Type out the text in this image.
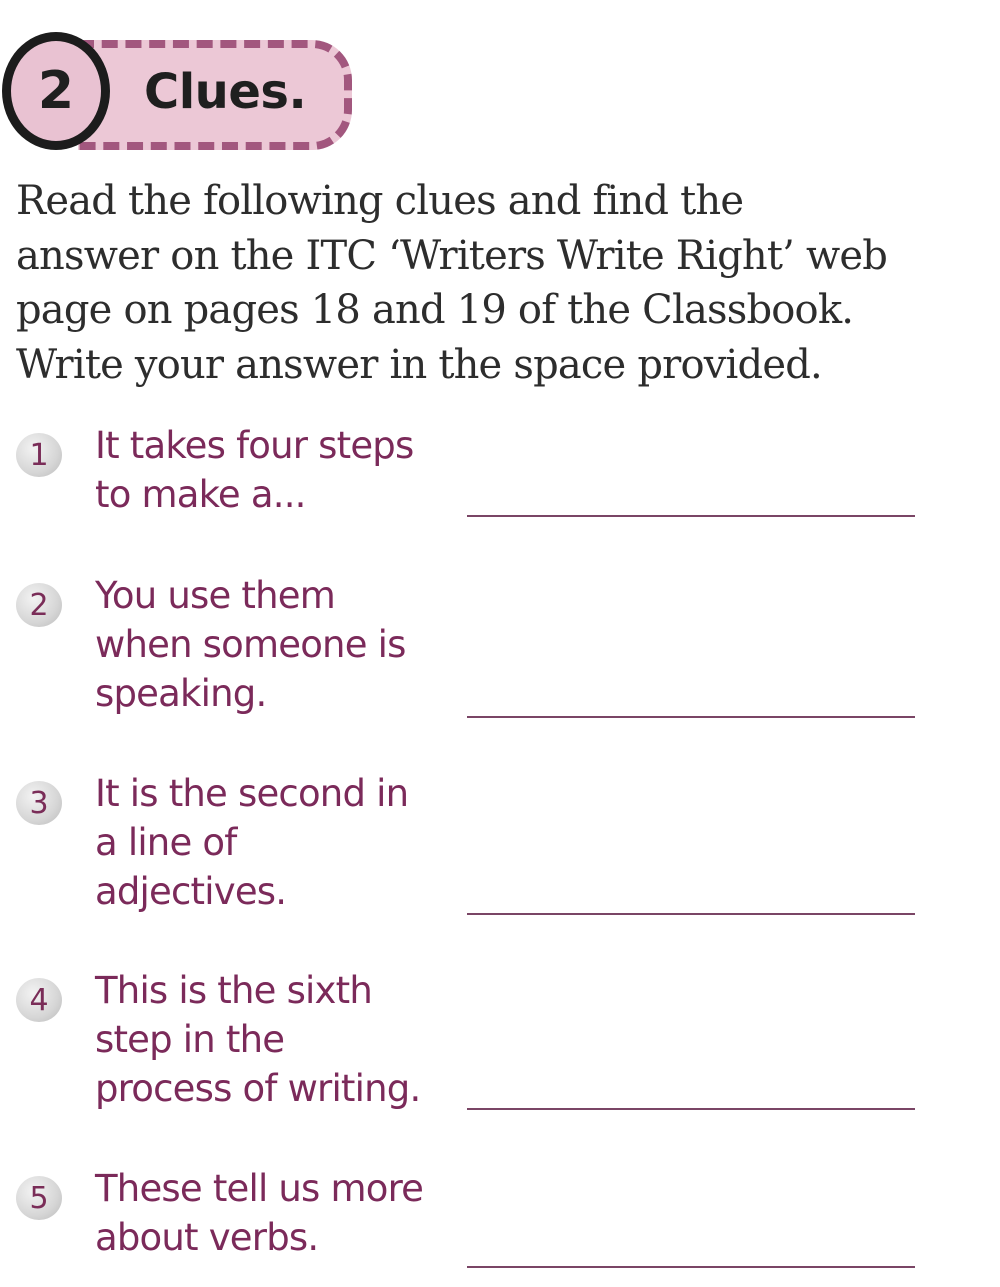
2	Clues.
Read the following clues and find the
answer on the ITC ‘Writers Write Right’ web
page on pages 18 and 19 of the Classbook.
Write your answer in the space provided.
1	It takes four steps
to make a...
2	You use them
when someone is
speaking.
3	It is the second in
a line of
adjectives.
4	This is the sixth
step in the
process of writing.
5	These tell us more
about verbs.
